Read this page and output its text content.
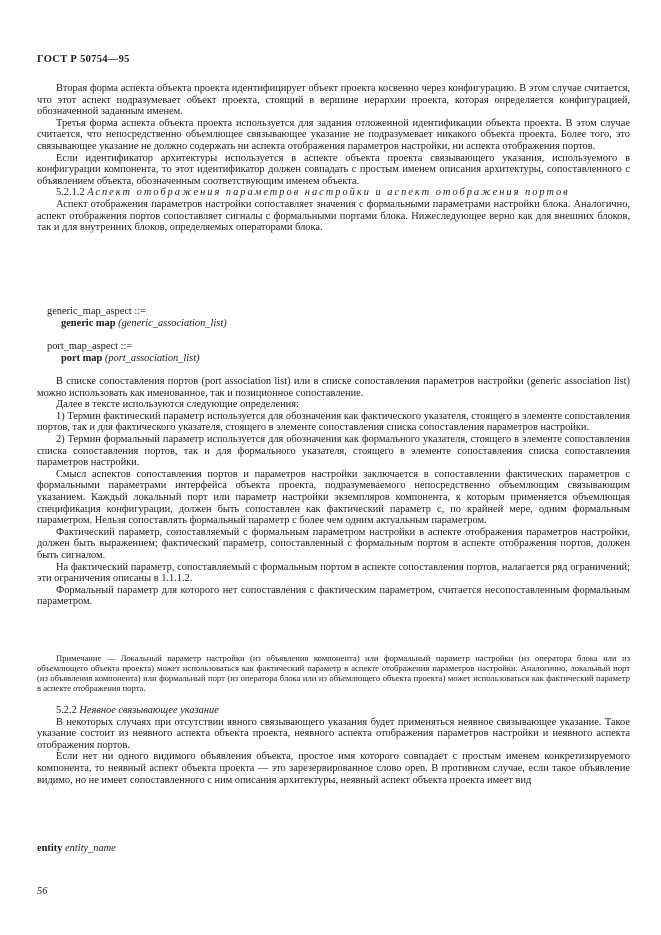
ГОСТ Р 50754—95

Вторая форма аспекта объекта проекта идентифицирует объект проекта косвенно через конфигурацию. В этом случае считается, что этот аспект подразумевает объект проекта, стоящий в вершине иерархии проекта, которая определяется конфигурацией, обозначенной заданным именем.

Третья форма аспекта объекта проекта используется для задания отложенной идентификации объекта проекта. В этом случае считается, что непосредственно объемлющее связывающее указание не подразумевает никакого объекта проекта. Более того, это связывающее указание не должно содержать ни аспекта отображения параметров настройки, ни аспекта отображения портов.

Если идентификатор архитектуры используется в аспекте объекта проекта связывающего указания, используемого в конфигурации компонента, то этот идентификатор должен совпадать с простым именем описания архитектуры, сопоставленного с объявлением объекта, обозначенным соответствующим именем объекта.

5.2.1.2 Аспект отображения параметров настройки и аспект отображения портов

Аспект отображения параметров настройки сопоставляет значения с формальными параметрами настройки блока. Аналогично, аспект отображения портов сопоставляет сигналы с формальными портами блока. Нижеследующее верно как для внешних блоков, так и для внутренних блоков, определяемых операторами блока.

generic_map_aspect ::=
generic map (generic_association_list)
port_map_aspect ::=
port map (port_association_list)

В списке сопоставления портов (port association list) или в списке сопоставления параметров настройки (generic association list) можно использовать как именованное, так и позиционное сопоставление.

Далее в тексте используются следующие определения:

1) Термин фактический параметр используется для обозначения как фактического указателя, стоящего в элементе сопоставления портов, так и для фактического указателя, стоящего в элементе сопоставления списка сопоставления параметров настройки.

2) Термин формальный параметр используется для обозначения как формального указателя, стоящего в элементе сопоставления списка сопоставления портов, так и для формального указателя, стоящего в элементе сопоставления списка сопоставления параметров настройки.

Смысл аспектов сопоставления портов и параметров настройки заключается в сопоставлении фактических параметров с формальными параметрами интерфейса объекта проекта, подразумеваемого непосредственно объемлющим связывающим указанием. Каждый локальный порт или параметр настройки экземпляров компонента, к которым применяется объемлющая спецификация конфигурации, должен быть сопоставлен как фактический параметр с, по крайней мере, одним формальным параметром. Нельзя сопоставлять формальный параметр с более чем одним актуальным параметром.

Фактический параметр, сопоставляемый с формальным параметром настройки в аспекте отображения параметров настройки, должен быть выражением; фактический параметр, сопоставленный с формальным портом в аспекте отображения портов, должен быть сигналом.

На фактический параметр, сопоставляемый с формальным портом в аспекте сопоставления портов, налагается ряд ограничений; эти ограничения описаны в 1.1.1.2.

Формальный параметр для которого нет сопоставления с фактическим параметром, считается несопоставленным формальным параметром.

Примечание — Локальный параметр настройки (из объявления компонента) или формальный параметр настройки (из оператора блока или из объемлющего объекта проекта) может использоваться как фактический параметр в аспекте отображения параметров настройки. Аналогично, локальный порт (из объявления компонента) или формальный порт (из оператора блока или из объемлющего объекта проекта) может использоваться как фактический параметр в аспекте отображения порта.

5.2.2 Неявное связывающее указание

В некоторых случаях при отсутствии явного связывающего указания будет применяться неявное связывающее указание. Такое указание состоит из неявного аспекта объекта проекта, неявного аспекта отображения параметров настройки и неявного аспекта отображения портов.

Если нет ни одного видимого объявления объекта, простое имя которого совпадает с простым именем конкретизируемого компонента, то неявный аспект объекта проекта — это зарезервированное слово open. В противном случае, если такое объявление видимо, но не имеет сопоставленного с ним описания архитектуры, неявный аспект объекта проекта имеет вид

entity entity_name
56
